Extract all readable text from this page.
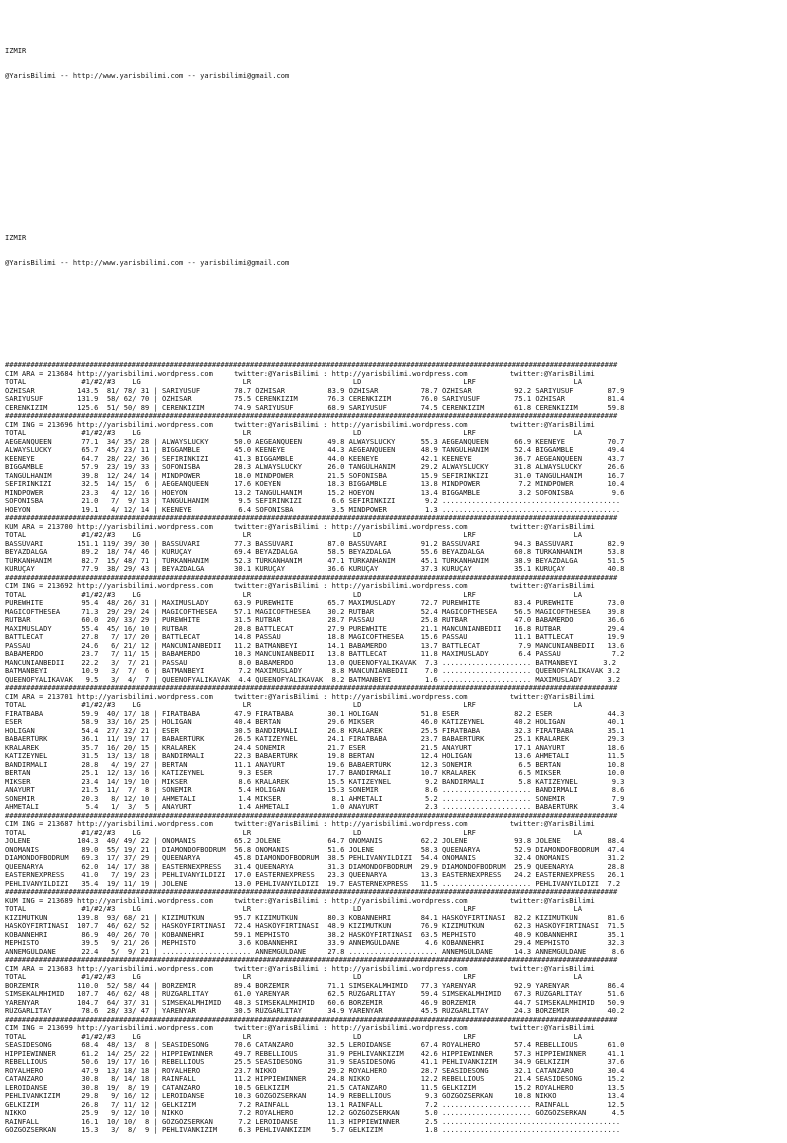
IZMIR

@YarisBilimi -- http://www.yarisbilimi.com -- yarisbilimi@gmail.com

IZMIR

@YarisBilimi -- http://www.yarisbilimi.com -- yarisbilimi@gmail.com

#################################################################################################################################################
CIM ARA = 213684 http://yarisbilimi.wordpress.com     twitter:@YarisBilimi : http://yarisbilimi.wordpress.com          twitter:@YarisBilimi
TOTAL             #1/#2/#3    LG                        LR                        LD                        LRF                       LA
ÖZHISAR          143.5  81/ 78/ 31 | SARIYUSUF        78.7 ÖZHISAR          83.9 ÖZHISAR          78.7 ÖZHISAR          92.2 SARIYUSUF        87.9
SARIYUSUF        131.9  58/ 62/ 70 | ÖZHISAR          75.5 CERENKIZIM       76.3 CERENKIZIM       76.0 SARIYUSUF        75.1 ÖZHISAR          81.4
CERENKIZIM       125.6  51/ 50/ 89 | CERENKIZIM       74.9 SARIYUSUF        68.9 SARIYUSUF        74.5 CERENKIZIM       61.8 CERENKIZIM       59.8
#################################################################################################################################################
CIM ING = 213696 http://yarisbilimi.wordpress.com     twitter:@YarisBilimi : http://yarisbilimi.wordpress.com          twitter:@YarisBilimi
TOTAL             #1/#2/#3    LG                        LR                        LD                        LRF                       LA
AEGEANQUEEN       77.1  34/ 35/ 28 | ALWAYSLUCKY      50.0 AEGEANQUEEN      49.8 ALWAYSLUCKY      55.3 AEGEANQUEEN      66.9 KEENEYE          70.7
ALWAYSLUCKY       65.7  45/ 23/ 11 | BIGGAMBLE        45.0 KEENEYE          44.3 AEGEANQUEEN      48.9 TANGÜLHANIM      52.4 BIGGAMBLE        49.4
KEENEYE           64.7  28/ 22/ 36 | SEFIRINKIZI      41.3 BIGGAMBLE        44.0 KEENEYE          42.1 KEENEYE          36.7 AEGEANQUEEN      43.7
BIGGAMBLE         57.9  23/ 19/ 33 | SOFONISBA        28.3 ALWAYSLUCKY      26.0 TANGÜLHANIM      29.2 ALWAYSLUCKY      31.8 ALWAYSLUCKY      26.6
TANGÜLHANIM       39.8  12/ 24/ 14 | MINDPOWER        18.0 MINDPOWER        21.5 SOFONISBA        15.9 SEFIRINKIZI      31.0 TANGÜLHANIM      16.7
SEFIRINKIZI       32.5  14/ 15/  6 | AEGEANQUEEN      17.6 KOEYEN           18.3 BIGGAMBLE        13.8 MINDPOWER         7.2 MINDPOWER        10.4
MINDPOWER         23.3   4/ 12/ 16 | HOEYON           13.2 TANGÜLHANIM      15.2 HOEYON           13.4 BIGGAMBLE         3.2 SOFONISBA         9.6
SOFONISBA         21.0   7/  9/ 13 | TANGÜLHANIM       9.5 SEFIRINKIZI       6.6 SEFIRINKIZI       9.2 ..........................................
HOEYON            19.1   4/ 12/ 14 | KEENEYE           6.4 SOFONISBA         3.5 MINDPOWER         1.3 ..........................................
#################################################################################################################################################
KUM ARA = 213700 http://yarisbilimi.wordpress.com     twitter:@YarisBilimi : http://yarisbilimi.wordpress.com          twitter:@YarisBilimi
TOTAL             #1/#2/#3    LG                        LR                        LD                        LRF                       LA
BASSÜVARI        151.1 119/ 39/ 30 | BASSÜVARI        77.3 BASSÜVARI        87.0 BASSÜVARI        91.2 BASSÜVARI        94.3 BASSÜVARI        82.9
BEYAZDALGA        89.2  18/ 74/ 46 | KURUÇAY          69.4 BEYAZDALGA       58.5 BEYAZDALGA       55.6 BEYAZDALGA       60.8 TÜRKANHANIM      53.8
TÜRKANHANIM       82.7  15/ 48/ 71 | TÜRKANHANIM      52.3 TÜRKANHANIM      47.1 TÜRKANHANIM      45.1 TÜRKANHANIM      38.9 BEYAZDALGA       51.5
KURUÇAY           77.9  38/ 29/ 43 | BEYAZDALGA       30.1 KURUÇAY          36.6 KURUÇAY          37.3 KURUÇAY          35.1 KURUÇAY          40.8
#################################################################################################################################################
CIM ING = 213692 http://yarisbilimi.wordpress.com     twitter:@YarisBilimi : http://yarisbilimi.wordpress.com          twitter:@YarisBilimi
TOTAL             #1/#2/#3    LG                        LR                        LD                        LRF                       LA
PUREWHITE         95.4  48/ 26/ 31 | MAXIMUSLADY      63.9 PUREWHITE        65.7 MAXIMUSLADY      72.7 PUREWHITE        83.4 PUREWHITE        73.0
MAGICOFTHESEA     71.3  29/ 29/ 24 | MAGICOFTHESEA    57.1 MAGICOFTHESEA    30.2 RUTBAR           52.4 MAGICOFTHESEA    56.5 MAGICOFTHESEA    39.8
RUTBAR            60.0  20/ 33/ 29 | PUREWHITE        31.5 RUTBAR           28.7 PASSAU           25.8 RUTBAR           47.0 BABAMERDO        36.6
MAXIMUSLADY       55.4  45/ 16/ 10 | RUTBAR           20.8 BATTLECAT        27.9 PUREWHITE        21.1 MANCUNIANBEDII   16.8 RUTBAR           29.4
BATTLECAT         27.8   7/ 17/ 20 | BATTLECAT        14.8 PASSAU           18.8 MAGICOFTHESEA    15.6 PASSAU           11.1 BATTLECAT        19.9
PASSAU            24.6   6/ 21/ 12 | MANCUNIANBEDII   11.2 BATMANBEYI       14.1 BABAMERDO        13.7 BATTLECAT         7.9 MANCUNIANBEDII   13.6
BABAMERDO         23.7   7/ 11/ 15 | BABAMERDO        10.3 MANCUNIANBEDII   13.8 BATTLECAT        11.8 MAXIMUSLADY       6.4 PASSAU            7.2
MANCUNIANBEDII    22.2   3/  7/ 21 | PASSAU            8.0 BABAMERDO        13.0 QUEENOFYALIKAVAK  7.3 ..................... BATMANBEYI      3.2
BATMANBEYI        10.9   3/  7/  6 | BATMANBEYI        7.2 MAXIMUSLADY       8.8 MANCUNIANBEDII    7.0 ..................... QUEENOFYALIKAVAK 3.2
QUEENOFYALIKAVAK   9.5   3/  4/  7 | QUEENOFYALIKAVAK  4.4 QUEENOFYALIKAVAK  8.2 BATMANBEYI        1.6 ..................... MAXIMUSLADY      3.2
#################################################################################################################################################
CIM ARA = 213701 http://yarisbilimi.wordpress.com     twitter:@YarisBilimi : http://yarisbilimi.wordpress.com          twitter:@YarisBilimi
TOTAL             #1/#2/#3    LG                        LR                        LD                        LRF                       LA
FIRATBABA         59.9  40/ 17/ 18 | FIRATBABA        47.9 FIRATBABA        30.1 HOLIGAN          51.8 ESER             82.2 ESER             44.3
ESER              58.9  33/ 16/ 25 | HOLIGAN          40.4 BERTAN           29.6 MIKSER           46.0 KATIZEYNEL       40.2 HOLIGAN          40.1
HOLIGAN           54.4  27/ 32/ 21 | ESER             30.5 BANDIRMALI       26.8 KRALAREK         25.5 FIRATBABA        32.3 FIRATBABA        35.1
BABAERTÜRK        36.1  11/ 19/ 17 | BABAERTÜRK       26.5 KATIZEYNEL       24.1 FIRATBABA        23.7 BABAERTÜRK       25.1 KRALAREK         29.3
KRALAREK          35.7  16/ 20/ 15 | KRALAREK         24.4 SONEMIR          21.7 ESER             21.5 ANAYURT          17.1 ANAYURT          18.6
KATIZEYNEL        31.5  13/ 13/ 18 | BANDIRMALI       22.3 BABAERTÜRK       19.8 BERTAN           12.4 HOLIGAN          13.6 AHMETALI         11.5
BANDIRMALI        28.8   4/ 19/ 27 | BERTAN           11.1 ANAYURT          19.6 BABAERTÜRK       12.3 SONEMIR           6.5 BERTAN           10.8
BERTAN            25.1  12/ 13/ 16 | KATIZEYNEL        9.3 ESER             17.7 BANDIRMALI       10.7 KRALAREK          6.5 MIKSER           10.0
MIKSER            23.4  14/ 19/ 10 | MIKSER            8.6 KRALAREK         15.5 KATIZEYNEL        9.2 BANDIRMALI        5.8 KATIZEYNEL        9.3
ANAYURT           21.5  11/  7/  8 | SONEMIR           5.4 HOLIGAN          15.3 SONEMIR           8.6 ..................... BANDIRMALI        8.6
SONEMIR           20.3   8/ 12/ 10 | AHMETALI          1.4 MIKSER            8.1 AHMETALI          5.2 ..................... SONEMIR           7.9
AHMETALI           5.4   1/  3/  5 | ANAYURT           1.4 AHMETALI          1.0 ANAYURT           2.3 ..................... BABAERTÜRK        3.4
#################################################################################################################################################
CIM ING = 213687 http://yarisbilimi.wordpress.com     twitter:@YarisBilimi : http://yarisbilimi.wordpress.com          twitter:@YarisBilimi
TOTAL             #1/#2/#3    LG                        LR                        LD                        LRF                       LA
JOLENE           104.3  40/ 49/ 22 | ONOMANIS         65.2 JOLENE           64.7 ONOMANIS         62.2 JOLENE           93.8 JOLENE           88.4
ONOMANIS          89.0  55/ 19/ 21 | DIAMONDOFBODRUM  56.8 ONOMANIS         51.6 JOLENE           58.3 QUEENARYA        52.9 DIAMONDOFBODRUM  47.4
DIAMONDOFBODRUM   69.3  17/ 37/ 29 | QUEENARYA        45.8 DIAMONDOFBODRUM  38.5 PEHLIVANYILDIZI  54.4 ONOMANIS         32.4 ONOMANIS         31.2
QUEENARYA         62.0  14/ 17/ 38 | EASTERNEXPRESS   31.4 QUEENARYA        31.3 DIAMONDOFBODRUM  29.9 DIAMONDOFBODRUM  25.9 QUEENARYA        28.8
EASTERNEXPRESS    41.0   7/ 19/ 23 | PEHLIVANYILDIZI  17.0 EASTERNEXPRESS   23.3 QUEENARYA        13.3 EASTERNEXPRESS   24.2 EASTERNEXPRESS   26.1
PEHLIVANYILDIZI   35.4  19/ 11/ 19 | JOLENE           13.0 PEHLIVANYILDIZI  19.7 EASTERNEXPRESS   11.5 ..................... PEHLIVANYILDIZI  7.2
#################################################################################################################################################
KUM ING = 213689 http://yarisbilimi.wordpress.com     twitter:@YarisBilimi : http://yarisbilimi.wordpress.com          twitter:@YarisBilimi
TOTAL             #1/#2/#3    LG                        LR                        LD                        LRF                       LA
KIZIMUTKUN       139.8  93/ 68/ 21 | KIZIMUTKUN       95.7 KIZIMUTKUN       80.3 KOBANNEHRI       84.1 HASKÖYFIRTINASI  82.2 KIZIMUTKUN       81.6
HASKÖYFIRTINASI  107.7  46/ 62/ 52 | HASKÖYFIRTINASI  72.4 HASKÖYFIRTINASI  48.9 KIZIMUTKUN       76.9 KIZIMUTKUN       62.3 HASKÖYFIRTINASI  71.5
KOBANNEHRI        86.9  40/ 26/ 70 | KOBANNEHRI       59.1 MEPHISTO         38.2 HASKÖYFIRTINASI  63.5 MEPHISTO         40.9 KOBANNEHRI       35.1
MEPHISTO          39.5   9/ 21/ 26 | MEPHISTO          3.6 KOBANNEHRI       33.9 ANNEMGÜLDANE      4.6 KOBANNEHRI       29.4 MEPHISTO         32.3
ANNEMGÜLDANE      22.4   5/  9/ 21 | ..................... ANNEMGÜLDANE     27.8 ..................... ANNEMGÜLDANE     14.3 ANNEMGÜLDANE      8.6
#################################################################################################################################################
CIM ARA = 213683 http://yarisbilimi.wordpress.com     twitter:@YarisBilimi : http://yarisbilimi.wordpress.com          twitter:@YarisBilimi
TOTAL             #1/#2/#3    LG                        LR                        LD                        LRF                       LA
BORZEMIR         110.0  52/ 58/ 44 | BORZEMIR         89.4 BORZEMIR         71.1 SIMSEKALMHIMID   77.3 YARENYAR         92.9 YARENYAR         86.4
SIMSEKALMHIMID   107.7  46/ 62/ 48 | RÜZGARLITAY      61.0 YARENYAR         62.5 RÜZGARLITAY      59.4 SIMSEKALMHIMID   67.3 RÜZGARLITAY      51.6
YARENYAR         104.7  64/ 37/ 31 | SIMSEKALMHIMID   48.3 SIMSEKALMHIMID   60.6 BORZEMIR         46.9 BORZEMIR         44.7 SIMSEKALMHIMID   50.9
RÜZGARLITAY       78.6  28/ 33/ 47 | YARENYAR         30.5 RÜZGARLITAY      34.9 YARENYAR         45.5 RÜZGARLITAY      24.3 BORZEMIR         40.2
#################################################################################################################################################
CIM ING = 213699 http://yarisbilimi.wordpress.com     twitter:@YarisBilimi : http://yarisbilimi.wordpress.com          twitter:@YarisBilimi
TOTAL             #1/#2/#3    LG                        LR                        LD                        LRF                       LA
SEASIDESONG       68.4  48/ 13/  8 | SEASIDESONG      70.6 CATANZARO        32.5 LEROIDANSE       67.4 ROYALHERO        57.4 REBELLIOUS       61.0
HIPPIEWINNER      61.2  14/ 25/ 22 | HIPPIEWINNER     49.7 REBELLIOUS       31.9 PEHLIVANKIZIM    42.6 HIPPIEWINNER     57.3 HIPPIEWINNER     41.1
REBELLIOUS        50.6  19/ 17/ 16 | REBELLIOUS       25.5 SEASIDESONG      31.9 SEASIDESONG      41.1 PEHLIVANKIZIM    34.9 GELKIZIM         37.6
ROYALHERO         47.9  13/ 18/ 18 | ROYALHERO        23.7 NIKKO            29.2 ROYALHERO        28.7 SEASIDESONG      32.1 CATANZARO        30.4
CATANZARO         30.8   8/ 14/ 18 | RAINFALL         11.2 HIPPIEWINNER     24.8 NIKKO            12.2 REBELLIOUS       21.4 SEASIDESONG      15.2
LEROIDANSE        30.8  19/  8/ 19 | CATANZARO        10.5 GELKIZIM         21.5 CATANZARO        11.5 GELKIZIM         15.2 ROYALHERO        13.5
PEHLIVANKIZIM     29.8   9/ 16/ 12 | LEROIDANSE       10.3 GÖZGÖZSERKAN     14.9 REBELLIOUS        9.3 GÖZGÖZSERKAN     10.8 NIKKO            13.4
GELKIZIM          26.8   7/ 11/ 12 | GELKIZIM          7.2 RAINFALL         13.1 RAINFALL          7.2 ..................... RAINFALL         12.5
NIKKO             25.9   9/ 12/ 10 | NIKKO             7.2 ROYALHERO        12.2 GÖZGÖZSERKAN      5.0 ..................... GÖZGÖZSERKAN      4.5
RAINFALL          16.1  10/ 10/  8 | GÖZGÖZSERKAN      7.2 LEROIDANSE       11.3 HIPPIEWINNER      2.5 ..........................................
GÖZGÖZSERKAN      15.3   3/  8/  9 | PEHLIVANKIZIM     6.3 PEHLIVANKIZIM     5.7 GELKIZIM          1.8 ..........................................
